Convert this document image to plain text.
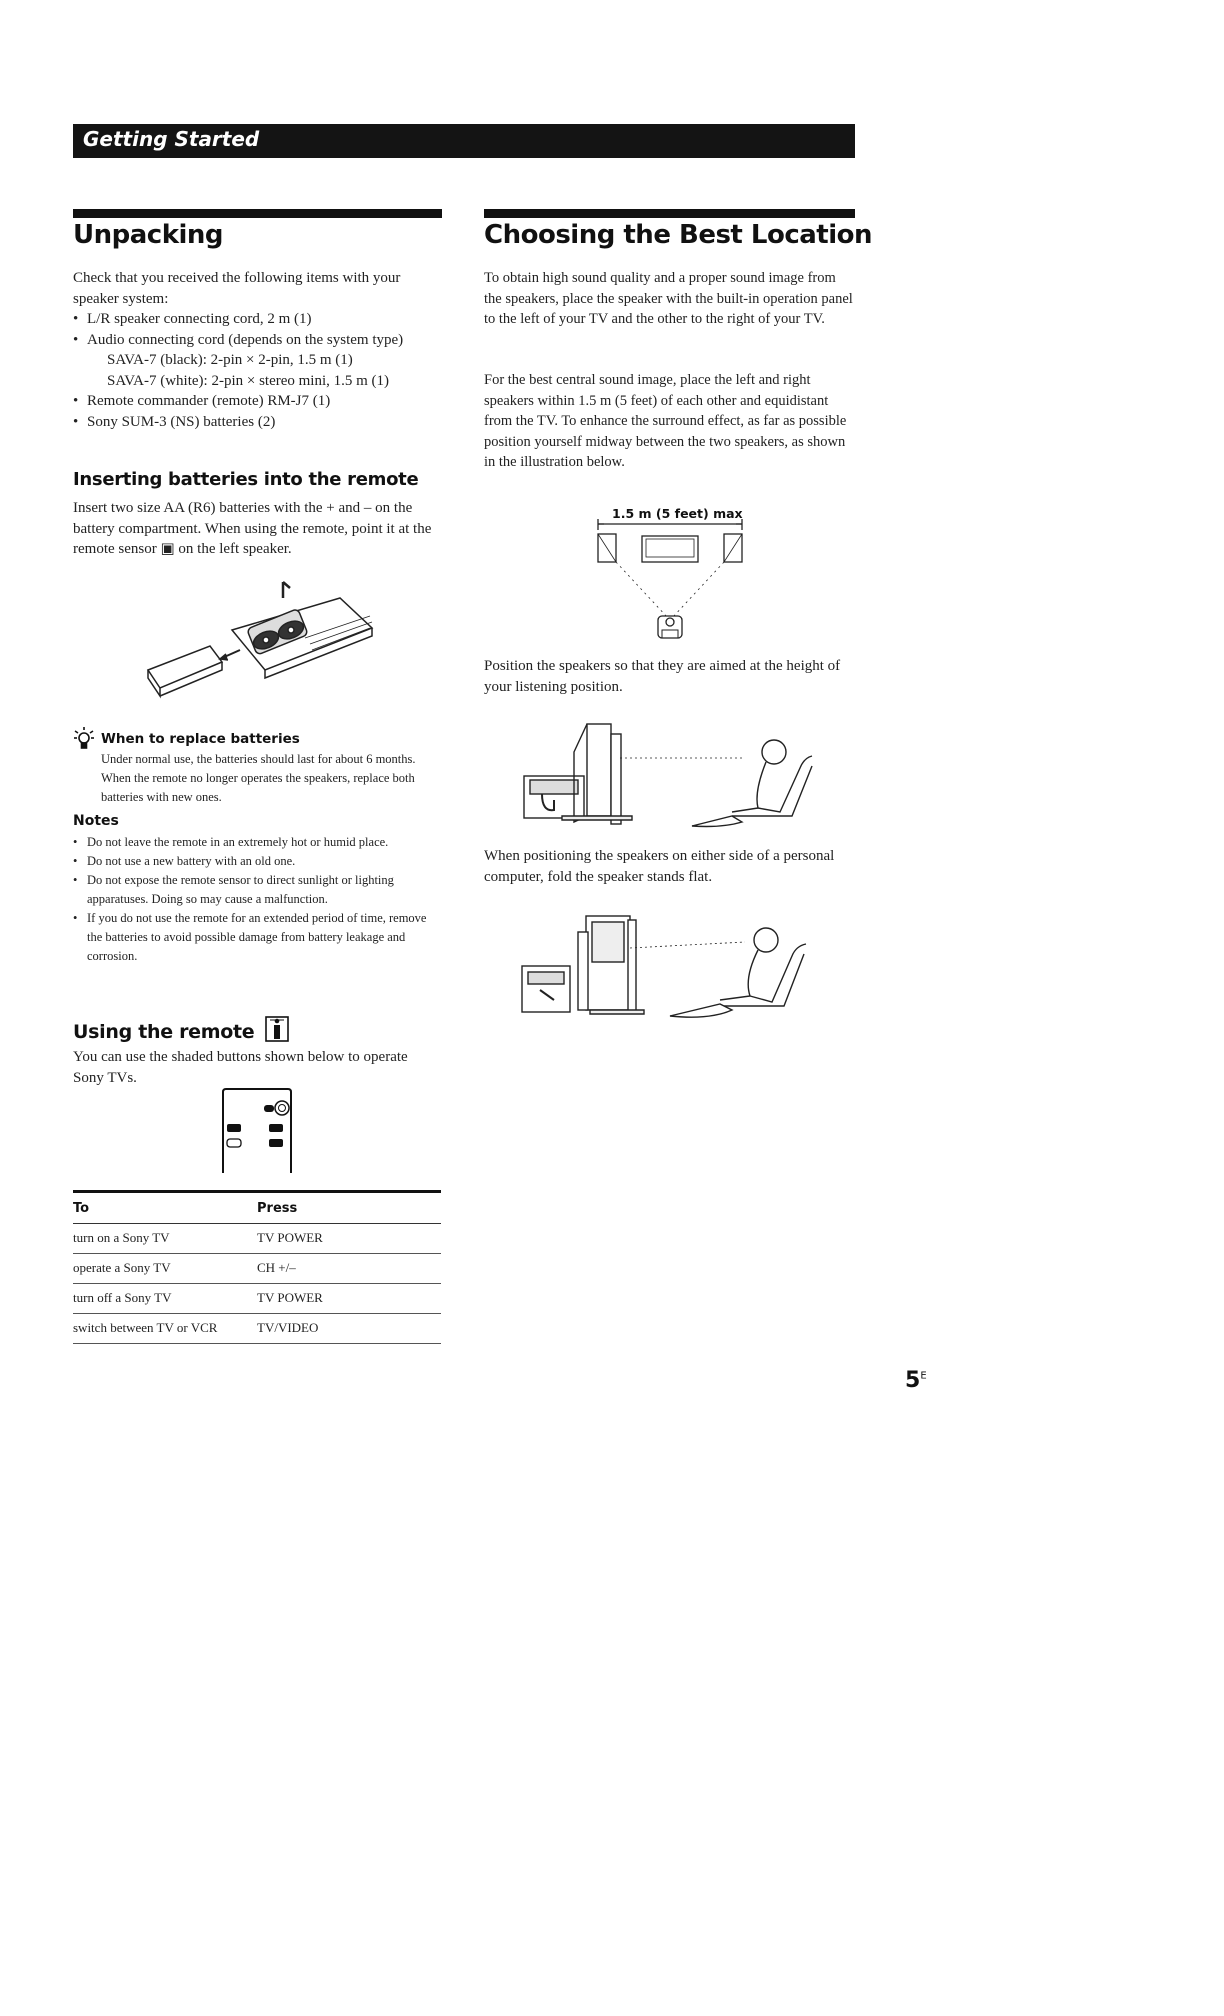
Getting Started
Unpacking
Check that you received the following items with your speaker system:
• L/R speaker connecting cord, 2 m (1)
• Audio connecting cord (depends on the system type)
SAVA-7 (black): 2-pin × 2-pin, 1.5 m (1)
SAVA-7 (white): 2-pin × stereo mini, 1.5 m (1)
• Remote commander (remote) RM-J7 (1)
• Sony SUM-3 (NS) batteries (2)
Inserting batteries into the remote
Insert two size AA (R6) batteries with the + and – on the battery compartment. When using the remote, point it at the remote sensor ▣ on the left speaker.
When to replace batteries
Under normal use, the batteries should last for about 6 months. When the remote no longer operates the speakers, replace both batteries with new ones.
Notes
• Do not leave the remote in an extremely hot or humid place.
• Do not use a new battery with an old one.
• Do not expose the remote sensor to direct sunlight or lighting apparatuses. Doing so may cause a malfunction.
• If you do not use the remote for an extended period of time, remove the batteries to avoid possible damage from battery leakage and corrosion.
Using the remote
You can use the shaded buttons shown below to operate Sony TVs.
To	Press
turn on a Sony TV	TV POWER
operate a Sony TV	CH +/–
turn off a Sony TV	TV POWER
switch between TV or VCR	TV/VIDEO
Choosing the Best Location
To obtain high sound quality and a proper sound image from the speakers, place the speaker with the built-in operation panel to the left of your TV and the other to the right of your TV.
For the best central sound image, place the left and right speakers within 1.5 m (5 feet) of each other and equidistant from the TV. To enhance the surround effect, as far as possible position yourself midway between the two speakers, as shown in the illustration below.
1.5 m (5 feet) max
Position the speakers so that they are aimed at the height of your listening position.
When positioning the speakers on either side of a personal computer, fold the speaker stands flat.
$5^E$
